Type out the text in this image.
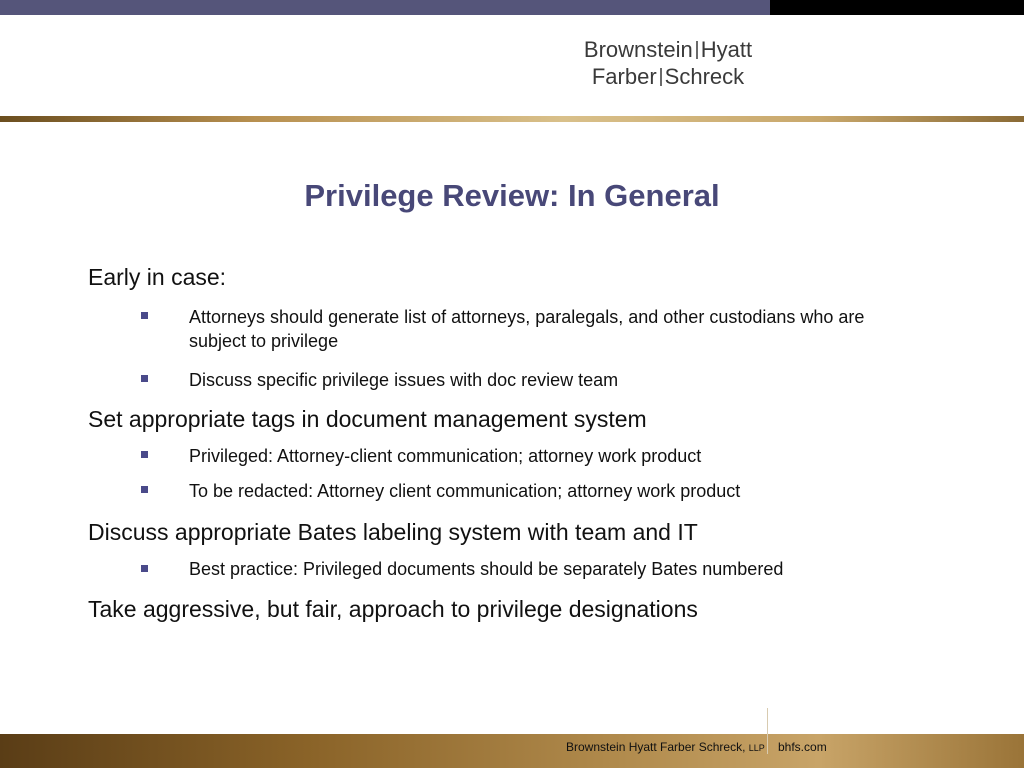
Brownstein Hyatt
Farber Schreck
Privilege Review: In General

Early in case:

Attorneys should generate list of attorneys, paralegals, and other custodians who are subject to privilege

Discuss specific privilege issues with doc review team

Set appropriate tags in document management system

Privileged: Attorney-client communication; attorney work product

To be redacted: Attorney client communication; attorney work product

Discuss appropriate Bates labeling system with team and IT

Best practice: Privileged documents should be separately Bates numbered

Take aggressive, but fair, approach to privilege designations

Brownstein Hyatt Farber Schreck, LLP bhfs.com
